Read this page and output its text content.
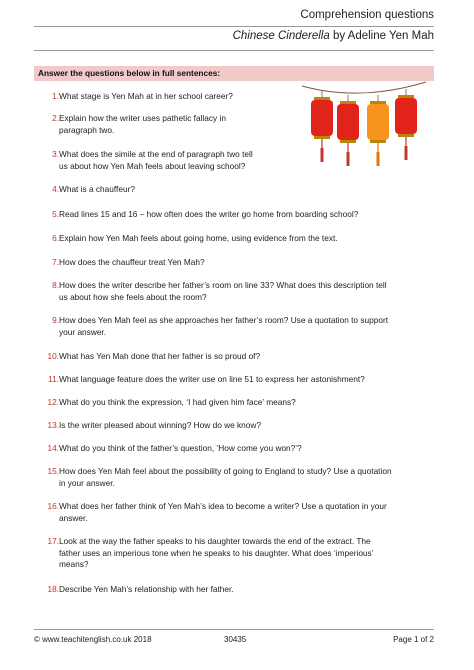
Comprehension questions
Chinese Cinderella by Adeline Yen Mah
Answer the questions below in full sentences:
1. What stage is Yen Mah at in her school career?
2. Explain how the writer uses pathetic fallacy in
paragraph two.
3. What does the simile at the end of paragraph two tell
us about how Yen Mah feels about leaving school?
4. What is a chauffeur?
5. Read lines 15 and 16 – how often does the writer go home from boarding school?
6. Explain how Yen Mah feels about going home, using evidence from the text.
7. How does the chauffeur treat Yen Mah?
8. How does the writer describe her father’s room on line 33? What does this description tell
us about how she feels about the room?
9. How does Yen Mah feel as she approaches her father’s room? Use a quotation to support
your answer.
10. What has Yen Mah done that her father is so proud of?
11. What language feature does the writer use on line 51 to express her astonishment?
12. What do you think the expression, ‘I had given him face’ means?
13. Is the writer pleased about winning? How do we know?
14. What do you think of the father’s question, ‘How come you won?’?
15. How does Yen Mah feel about the possibility of going to England to study? Use a quotation
in your answer.
16. What does her father think of Yen Mah’s idea to become a writer? Use a quotation in your
answer.
17. Look at the way the father speaks to his daughter towards the end of the extract. The
father uses an imperious tone when he speaks to his daughter. What does ‘imperious’
means?
18. Describe Yen Mah’s relationship with her father.
© www.teachitenglish.co.uk 2018	30435	Page 1 of 2
